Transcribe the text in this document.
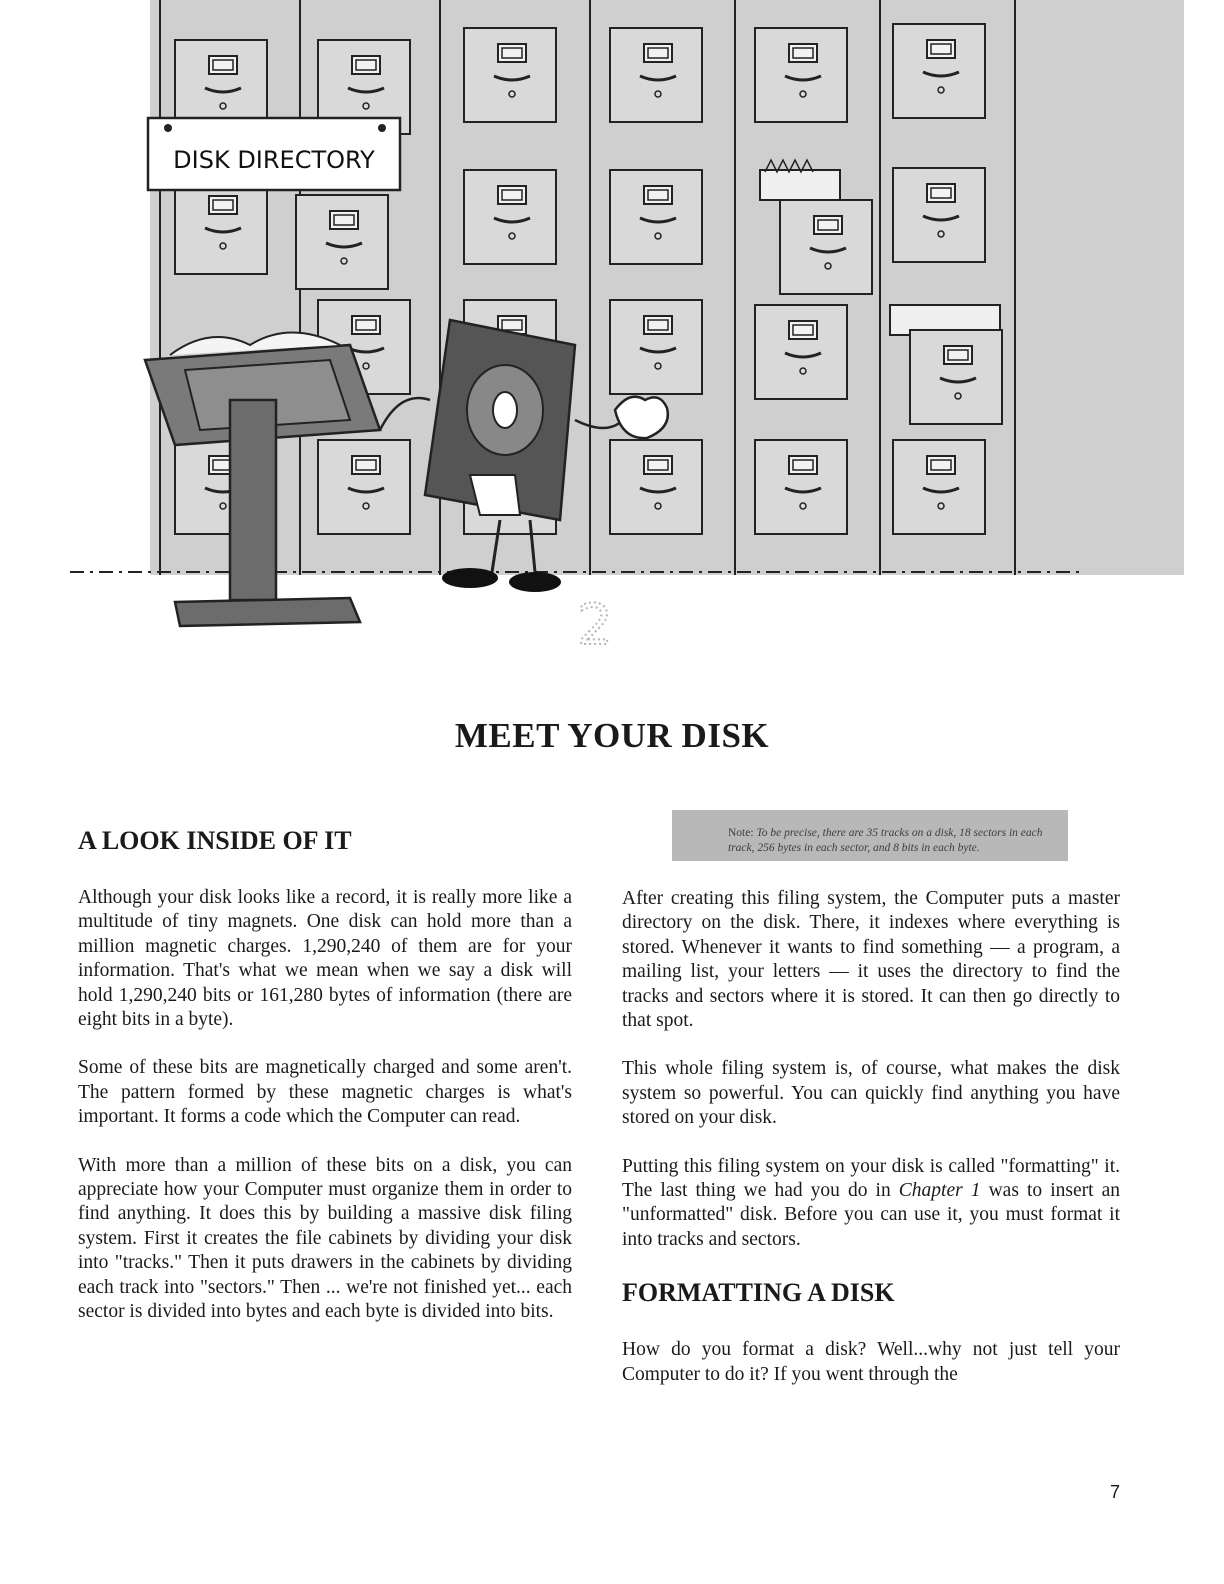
DISK DIRECTORY
2
MEET YOUR DISK
A LOOK INSIDE OF IT

Although your disk looks like a record, it is really more like a multitude of tiny magnets. One disk can hold more than a million magnetic charges. 1,290,240 of them are for your information. That's what we mean when we say a disk will hold 1,290,240 bits or 161,280 bytes of information (there are eight bits in a byte).

Some of these bits are magnetically charged and some aren't. The pattern formed by these magnetic charges is what's important. It forms a code which the Computer can read.

With more than a million of these bits on a disk, you can appreciate how your Computer must organize them in order to find anything. It does this by building a massive disk filing system. First it creates the file cabinets by dividing your disk into "tracks." Then it puts drawers in the cabinets by dividing each track into "sectors." Then ... we're not finished yet... each sector is divided into bytes and each byte is divided into bits.

Note: To be precise, there are 35 tracks on a disk, 18 sectors in each track, 256 bytes in each sector, and 8 bits in each byte.

After creating this filing system, the Computer puts a master directory on the disk. There, it indexes where everything is stored. Whenever it wants to find something — a program, a mailing list, your letters — it uses the directory to find the tracks and sectors where it is stored. It can then go directly to that spot.

This whole filing system is, of course, what makes the disk system so powerful. You can quickly find anything you have stored on your disk.

Putting this filing system on your disk is called "formatting" it. The last thing we had you do in Chapter 1 was to insert an "unformatted" disk. Before you can use it, you must format it into tracks and sectors.

FORMATTING A DISK

How do you format a disk? Well...why not just tell your Computer to do it? If you went through the

7
